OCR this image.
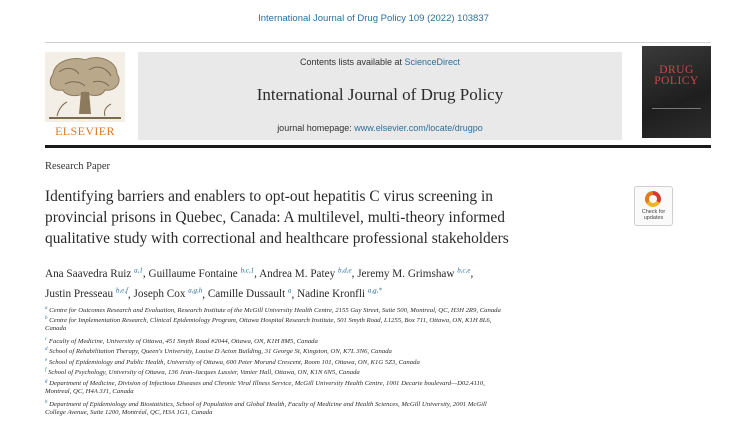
International Journal of Drug Policy 109 (2022) 103837
ELSEVIER
Contents lists available at ScienceDirect
International Journal of Drug Policy
journal homepage: www.elsevier.com/locate/drugpo
DRUG
POLICY
Research Paper
Identifying barriers and enablers to opt-out hepatitis C virus screening in
provincial prisons in Quebec, Canada: A multilevel, multi-theory informed
qualitative study with correctional and healthcare professional stakeholders
Check for
updates
Ana Saavedra Ruiz $^{a,1}$, Guillaume Fontaine $^{b,c,1}$, Andrea M. Patey $^{b,d,e}$, Jeremy M. Grimshaw $^{b,c,e}$,
Justin Presseau $^{b,e,f}$, Joseph Cox $^{a,g,h}$, Camille Dussault $^a$, Nadine Kronfli $^{a,g,*}$
$^a$ Centre for Outcomes Research and Evaluation, Research Institute of the McGill University Health Centre, 2155 Guy Street, Suite 500, Montreal, QC, H3H 2R9, Canada
$^b$ Centre for Implementation Research, Clinical Epidemiology Program, Ottawa Hospital Research Institute, 501 Smyth Road, L1255, Box 711, Ottawa, ON, K1H 8L6,
Canada
$^c$ Faculty of Medicine, University of Ottawa, 451 Smyth Road #2044, Ottawa, ON, K1H 8M5, Canada
$^d$ School of Rehabilitation Therapy, Queen's University, Louise D Acton Building, 31 George St, Kingston, ON, K7L 3N6, Canada
$^e$ School of Epidemiology and Public Health, University of Ottawa, 600 Peter Morand Crescent, Room 101, Ottawa, ON, K1G 5Z3, Canada
$^f$ School of Psychology, University of Ottawa, 136 Jean-Jacques Lussier, Vanier Hall, Ottawa, ON, K1N 6N5, Canada
$^g$ Department of Medicine, Division of Infectious Diseases and Chronic Viral Illness Service, McGill University Health Centre, 1001 Decarie boulevard—D02.4110,
Montreal, QC, H4A 3J1, Canada
$^h$ Department of Epidemiology and Biostatistics, School of Population and Global Health, Faculty of Medicine and Health Sciences, McGill University, 2001 McGill
College Avenue, Suite 1200, Montréal, QC, H3A 1G1, Canada
